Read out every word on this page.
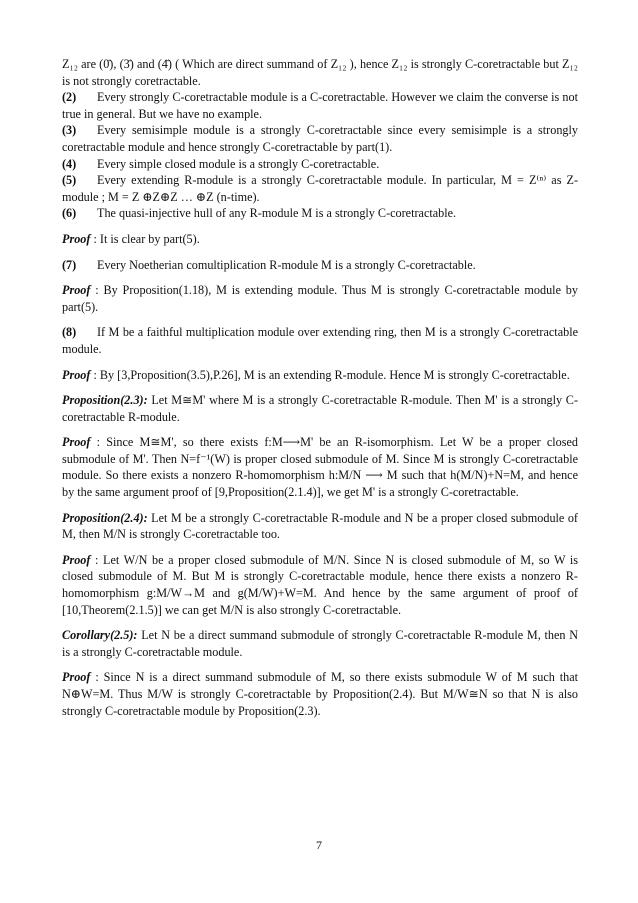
Z₁₂ are (0̄), (3̄) and (4̄) ( Which are direct summand of Z₁₂ ), hence Z₁₂ is strongly C-coretractable but Z₁₂ is not strongly coretractable.

(2) Every strongly C-coretractable module is a C-coretractable. However we claim the converse is not true in general. But we have no example.

(3) Every semisimple module is a strongly C-coretractable since every semisimple is a strongly coretractable module and hence strongly C-coretractable by part(1).

(4) Every simple closed module is a strongly C-coretractable.

(5) Every extending R-module is a strongly C-coretractable module. In particular, M = Z⁽ⁿ⁾ as Z-module ; M = Z ⊕Z⊕Z … ⊕Z (n-time).

(6) The quasi-injective hull of any R-module M is a strongly C-coretractable.

Proof : It is clear by part(5).

(7) Every Noetherian comultiplication R-module M is a strongly C-coretractable.

Proof : By Proposition(1.18), M is extending module. Thus M is strongly C-coretractable module by part(5).

(8) If M be a faithful multiplication module over extending ring, then M is a strongly C-coretractable module.

Proof : By [3,Proposition(3.5),P.26], M is an extending R-module. Hence M is strongly C-coretractable.

Proposition(2.3): Let M≅M' where M is a strongly C-coretractable R-module. Then M' is a strongly C-coretractable R-module.

Proof : Since M≅M', so there exists f:M⟶M' be an R-isomorphism. Let W be a proper closed submodule of M'. Then N=f⁻¹(W) is proper closed submodule of M. Since M is strongly C-coretractable module. So there exists a nonzero R-homomorphism h:M/N ⟶ M such that h(M/N)+N=M, and hence by the same argument proof of [9,Proposition(2.1.4)], we get M' is a strongly C-coretractable.

Proposition(2.4): Let M be a strongly C-coretractable R-module and N be a proper closed submodule of M, then M/N is strongly C-coretractable too.

Proof : Let W/N be a proper closed submodule of M/N. Since N is closed submodule of M, so W is closed submodule of M. But M is strongly C-coretractable module, hence there exists a nonzero R-homomorphism g:M/W→M and g(M/W)+W=M. And hence by the same argument of proof of [10,Theorem(2.1.5)] we can get M/N is also strongly C-coretractable.

Corollary(2.5): Let N be a direct summand submodule of strongly C-coretractable R-module M, then N is a strongly C-coretractable module.

Proof : Since N is a direct summand submodule of M, so there exists submodule W of M such that N⊕W=M. Thus M/W is strongly C-coretractable by Proposition(2.4). But M/W≅N so that N is also strongly C-coretractable module by Proposition(2.3).

7
